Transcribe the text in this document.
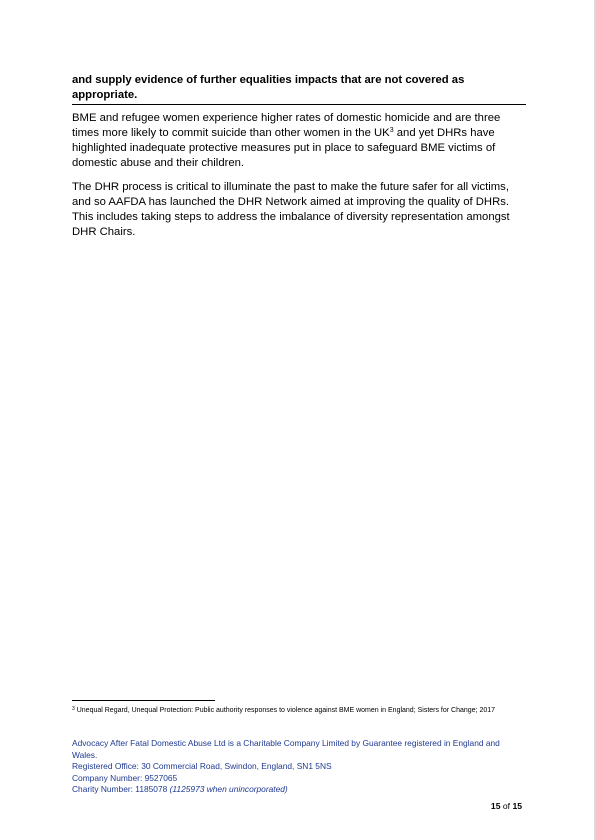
and supply evidence of further equalities impacts that are not covered as appropriate.

BME and refugee women experience higher rates of domestic homicide and are three times more likely to commit suicide than other women in the $UK^3$ and yet DHRs have highlighted inadequate protective measures put in place to safeguard BME victims of domestic abuse and their children.

The DHR process is critical to illuminate the past to make the future safer for all victims, and so AAFDA has launched the DHR Network aimed at improving the quality of DHRs. This includes taking steps to address the imbalance of diversity representation amongst DHR Chairs.

$^3$ Unequal Regard, Unequal Protection: Public authority responses to violence against BME women in England; Sisters for Change; 2017
Advocacy After Fatal Domestic Abuse Ltd is a Charitable Company Limited by Guarantee registered in England and Wales.
Registered Office: 30 Commercial Road, Swindon, England, SN1 5NS
Company Number: 9527065
Charity Number: 1185078 (1125973 when unincorporated)
15 of 15
